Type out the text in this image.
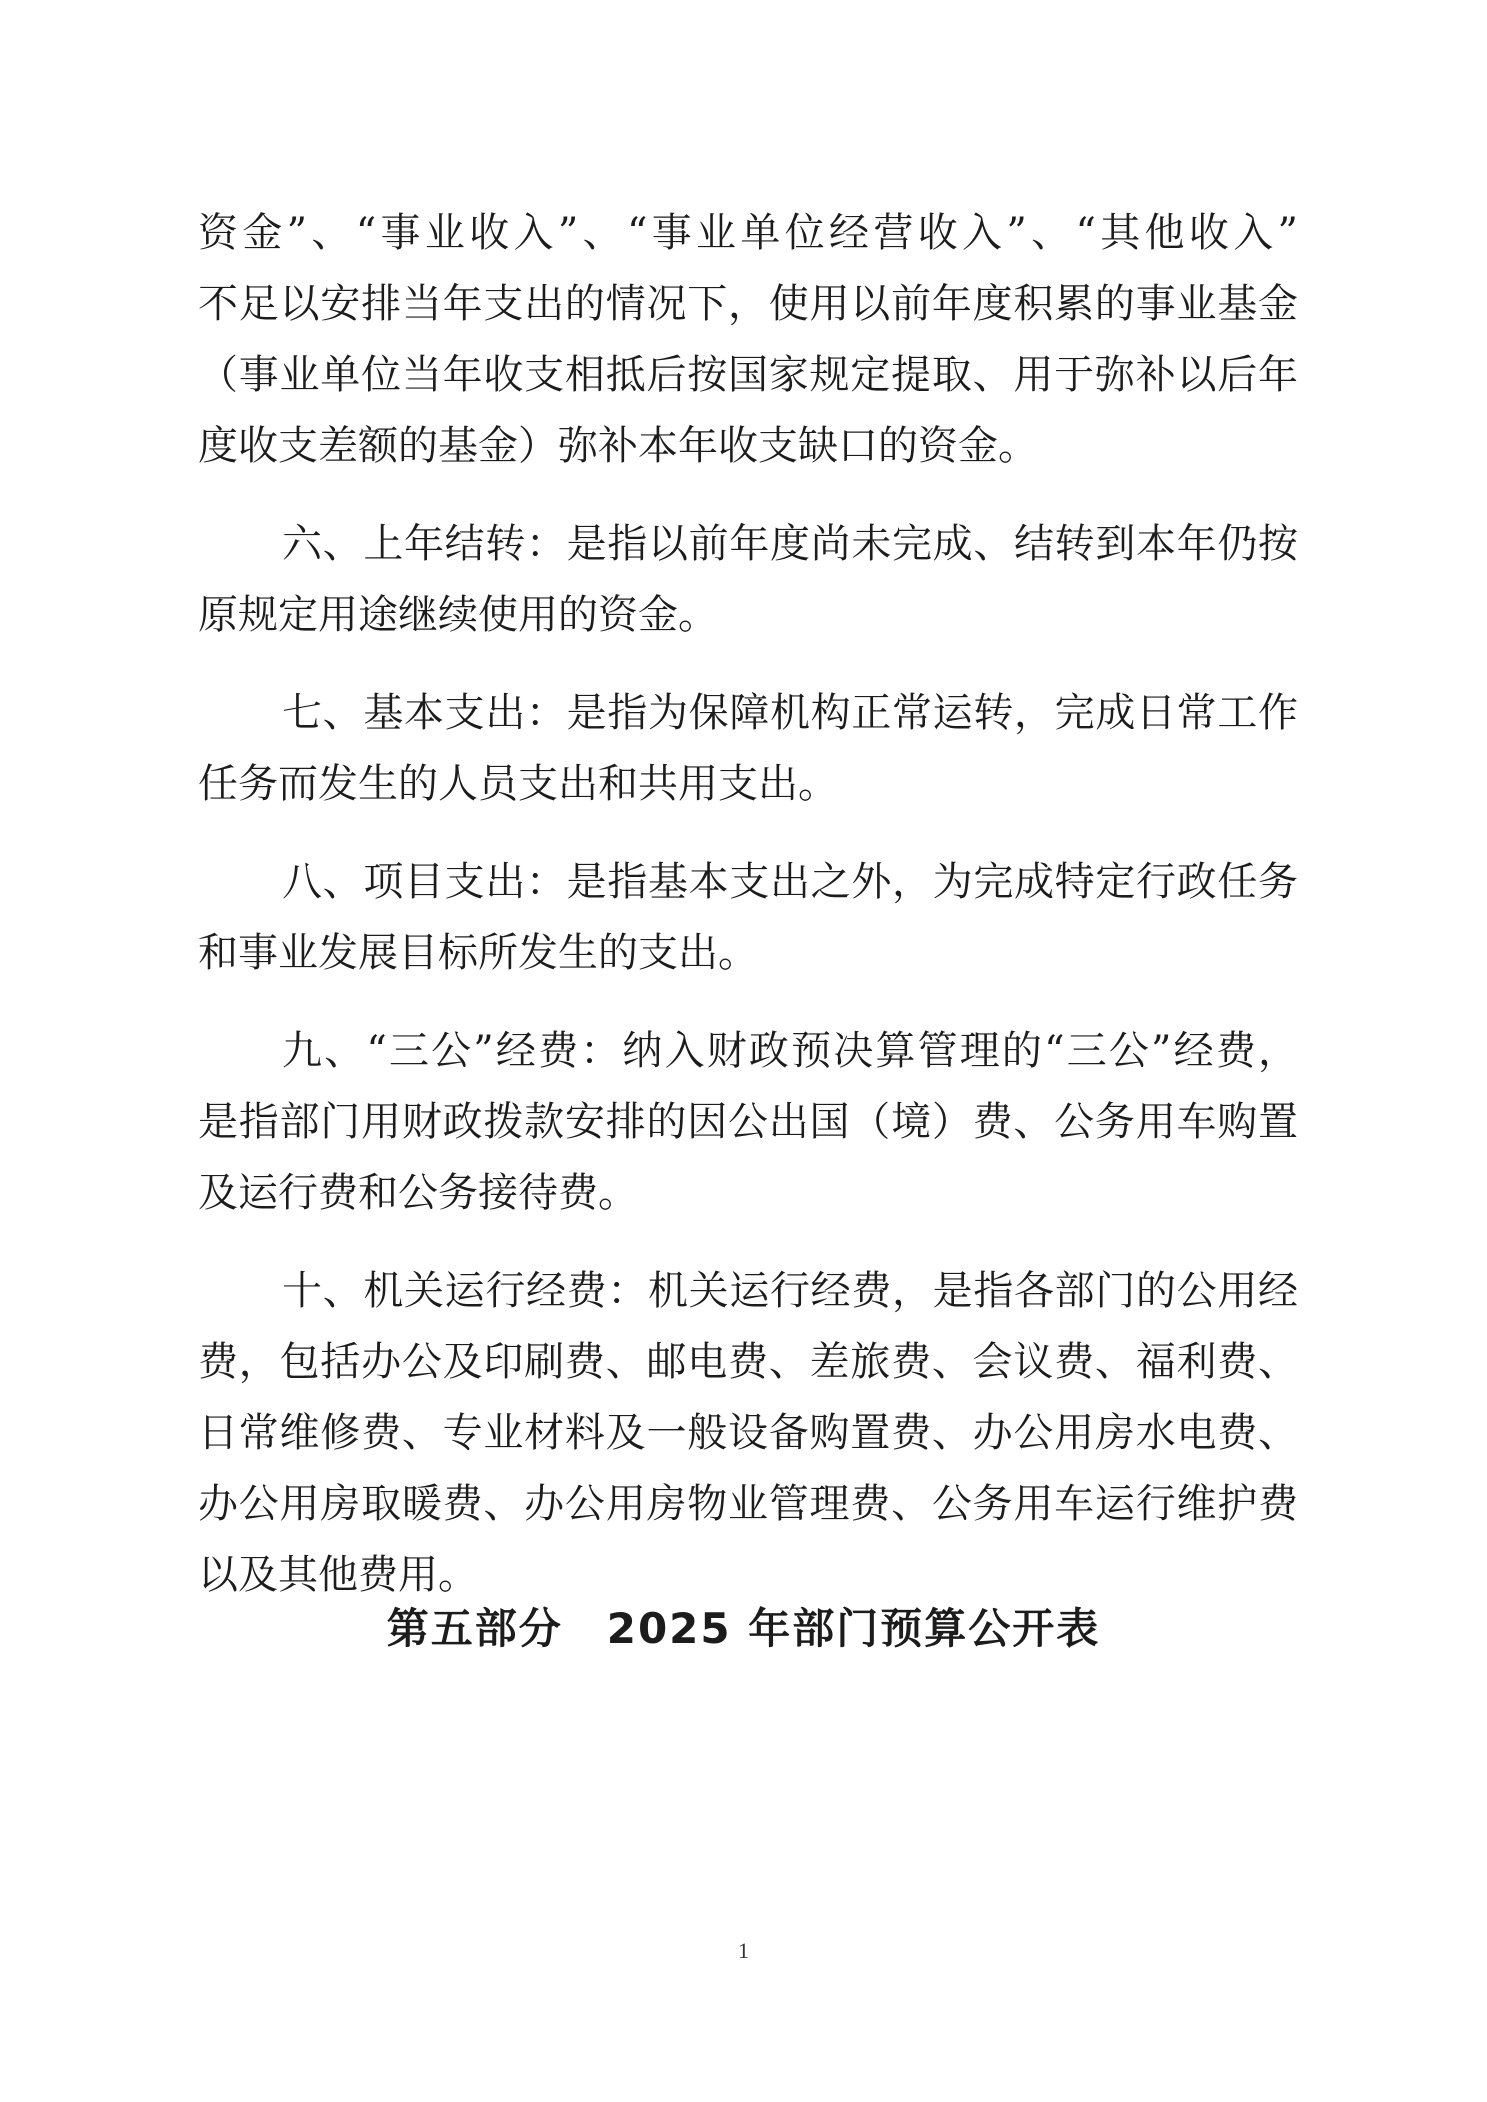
资金”、“事业收入”、“事业单位经营收入”、“其他收入”
不足以安排当年支出的情况下，使用以前年度积累的事业基金
（事业单位当年收支相抵后按国家规定提取、用于弥补以后年
度收支差额的基金）弥补本年收支缺口的资金。
六、上年结转：是指以前年度尚未完成、结转到本年仍按
原规定用途继续使用的资金。
七、基本支出：是指为保障机构正常运转，完成日常工作
任务而发生的人员支出和共用支出。
八、项目支出：是指基本支出之外，为完成特定行政任务
和事业发展目标所发生的支出。
九、“三公”经费：纳入财政预决算管理的“三公”经费，
是指部门用财政拨款安排的因公出国（境）费、公务用车购置
及运行费和公务接待费。
十、机关运行经费：机关运行经费，是指各部门的公用经
费，包括办公及印刷费、邮电费、差旅费、会议费、福利费、
日常维修费、专业材料及一般设备购置费、办公用房水电费、
办公用房取暖费、办公用房物业管理费、公务用车运行维护费
以及其他费用。
第五部分　2025 年部门预算公开表
1
